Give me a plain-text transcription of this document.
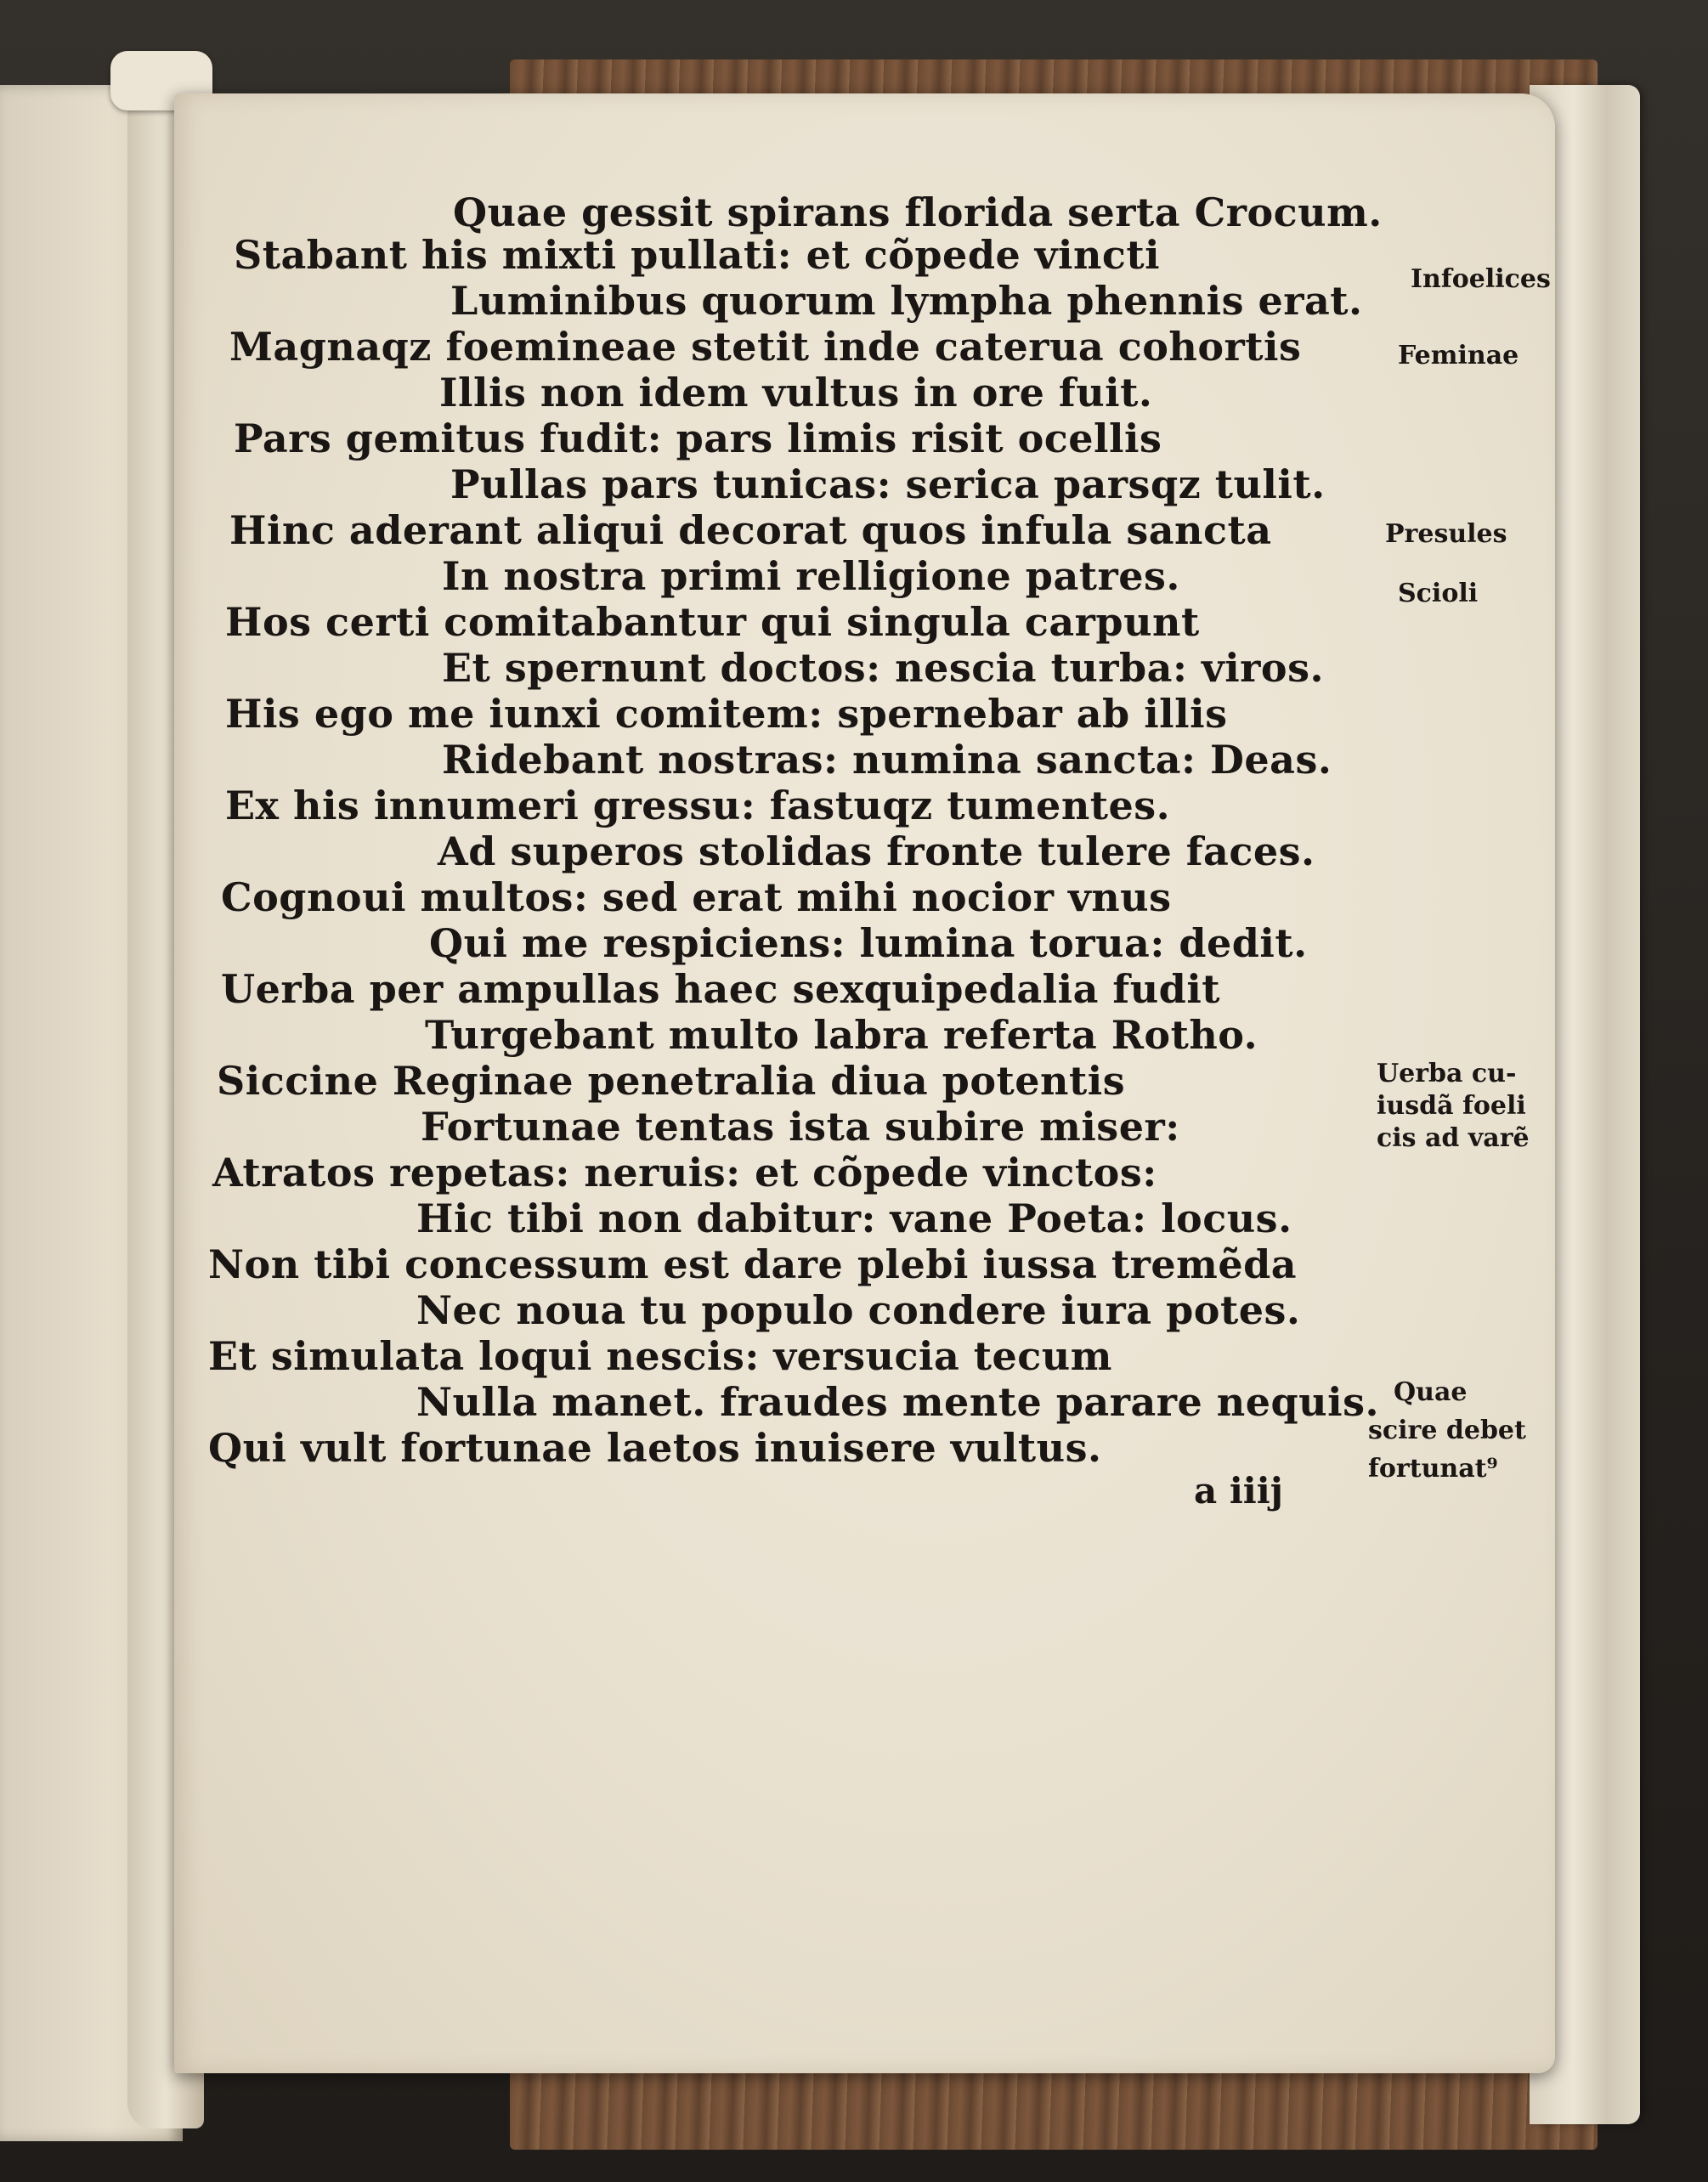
Quae gessit spirans florida serta Crocum.

Stabant his mixti pullati: et cõpede vincti

Luminibus quorum lympha phennis erat.

Magnaqz foemineae stetit inde caterua cohortis

Illis non idem vultus in ore fuit.

Pars gemitus fudit: pars limis risit ocellis

Pullas pars tunicas: serica parsqz tulit.

Hinc aderant aliqui decorat quos infula sancta

In nostra primi relligione patres.

Hos certi comitabantur qui singula carpunt

Et spernunt doctos: nescia turba: viros.

His ego me iunxi comitem: spernebar ab illis

Ridebant nostras: numina sancta: Deas.

Ex his innumeri gressu: fastuqz tumentes.

Ad superos stolidas fronte tulere faces.

Cognoui multos: sed erat mihi nocior vnus

Qui me respiciens: lumina torua: dedit.

Uerba per ampullas haec sexquipedalia fudit

Turgebant multo labra referta Rotho.

Siccine Reginae penetralia diua potentis

Fortunae tentas ista subire miser:

Atratos repetas: neruis: et cõpede vinctos:

Hic tibi non dabitur: vane Poeta: locus.

Non tibi concessum est dare plebi iussa tremẽda

Nec noua tu populo condere iura potes.

Et simulata loqui nescis: versucia tecum

Nulla manet. fraudes mente parare nequis.

Qui vult fortunae laetos inuisere vultus.

Infoelices

Feminae

Presules

Scioli

Uerba cu-

iusdã foeli

cis ad varẽ

Quae

scire debet

fortunat⁹

a iiij
